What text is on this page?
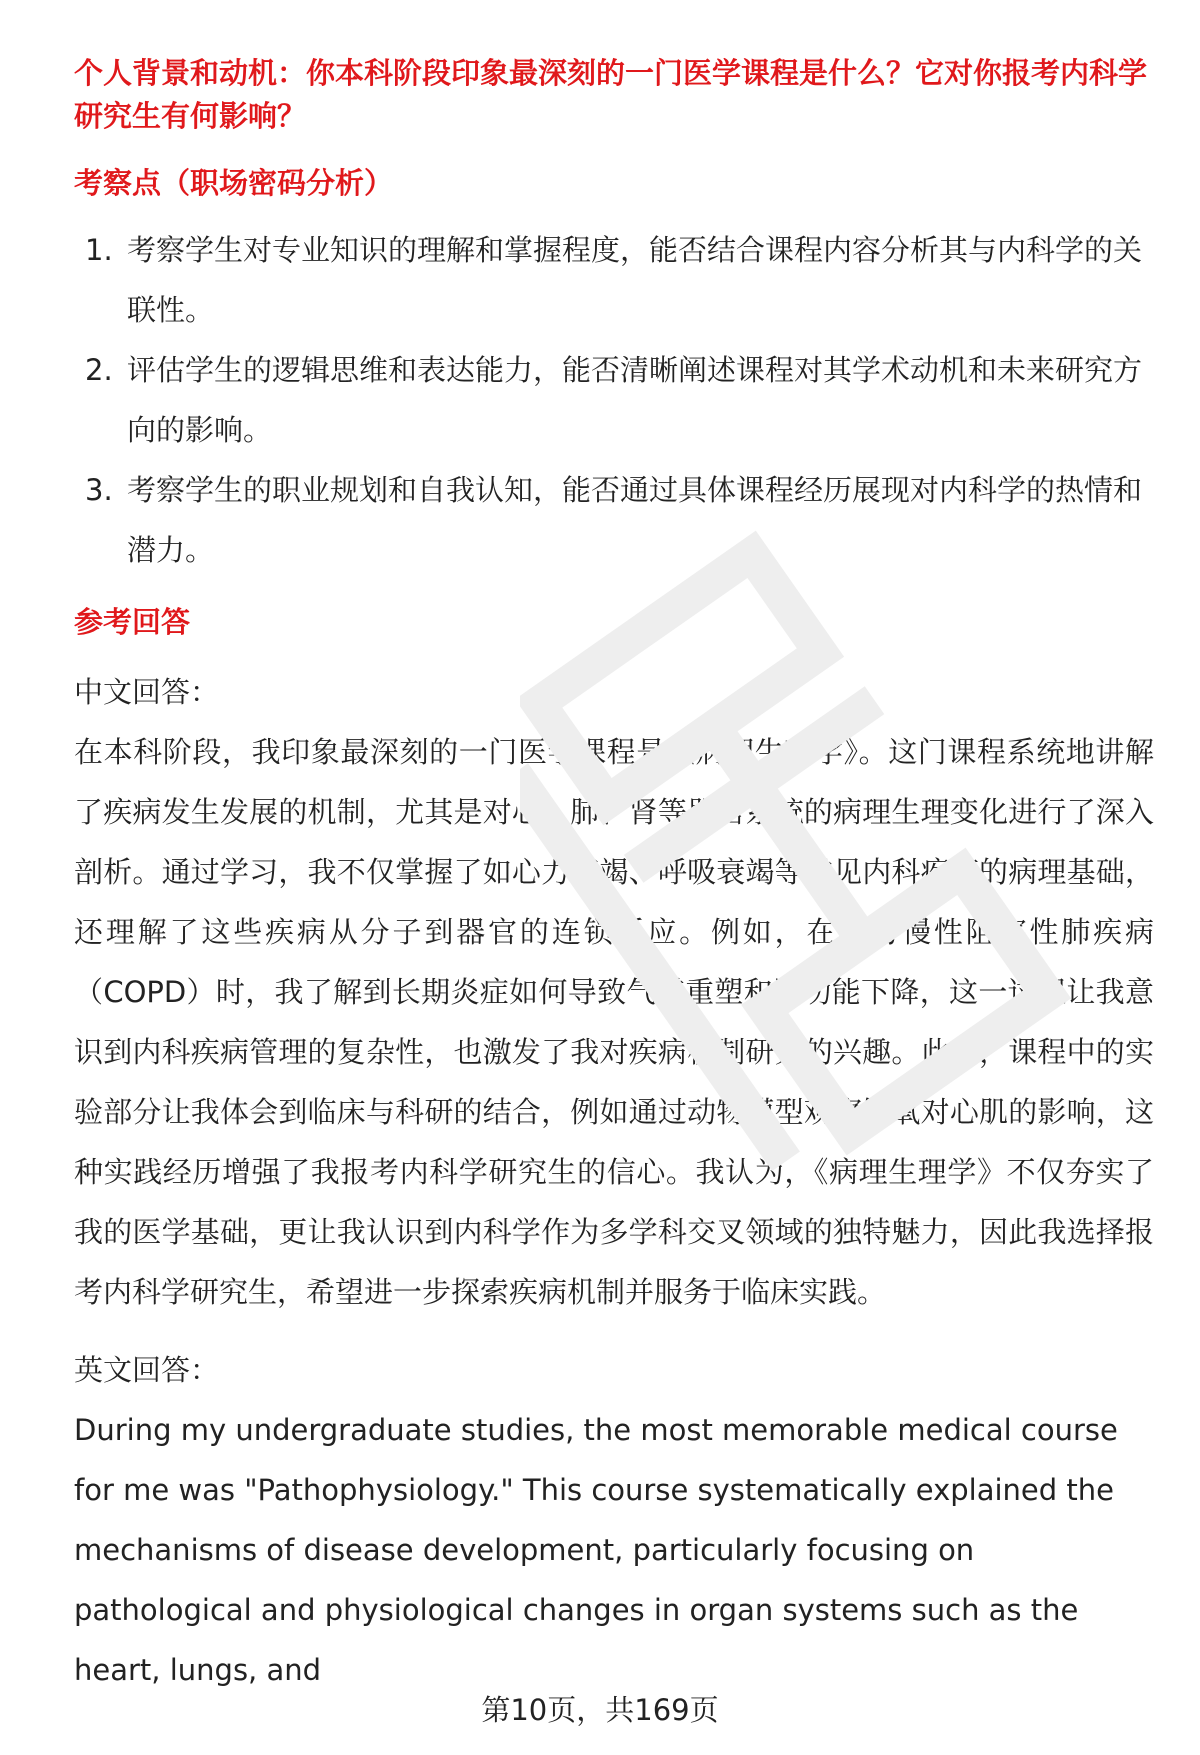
个人背景和动机：你本科阶段印象最深刻的一门医学课程是什么？它对你报考内科学研究生有何影响？

考察点（职场密码分析）

1. 考察学生对专业知识的理解和掌握程度，能否结合课程内容分析其与内科学的关联性。
2. 评估学生的逻辑思维和表达能力，能否清晰阐述课程对其学术动机和未来研究方向的影响。
3. 考察学生的职业规划和自我认知，能否通过具体课程经历展现对内科学的热情和潜力。

参考回答

中文回答：

在本科阶段，我印象最深刻的一门医学课程是《病理生理学》。这门课程系统地讲解了疾病发生发展的机制，尤其是对心、肺、肾等器官系统的病理生理变化进行了深入剖析。通过学习，我不仅掌握了如心力衰竭、呼吸衰竭等常见内科疾病的病理基础，还理解了这些疾病从分子到器官的连锁反应。例如，在学习慢性阻塞性肺疾病（COPD）时，我了解到长期炎症如何导致气道重塑和肺功能下降，这一过程让我意识到内科疾病管理的复杂性，也激发了我对疾病机制研究的兴趣。此外，课程中的实验部分让我体会到临床与科研的结合，例如通过动物模型观察缺氧对心肌的影响，这种实践经历增强了我报考内科学研究生的信心。我认为，《病理生理学》不仅夯实了我的医学基础，更让我认识到内科学作为多学科交叉领域的独特魅力，因此我选择报考内科学研究生，希望进一步探索疾病机制并服务于临床实践。

英文回答：

During my undergraduate studies, the most memorable medical course for me was "Pathophysiology." This course systematically explained the mechanisms of disease development, particularly focusing on pathological and physiological changes in organ systems such as the heart, lungs, and

第10页，共169页
